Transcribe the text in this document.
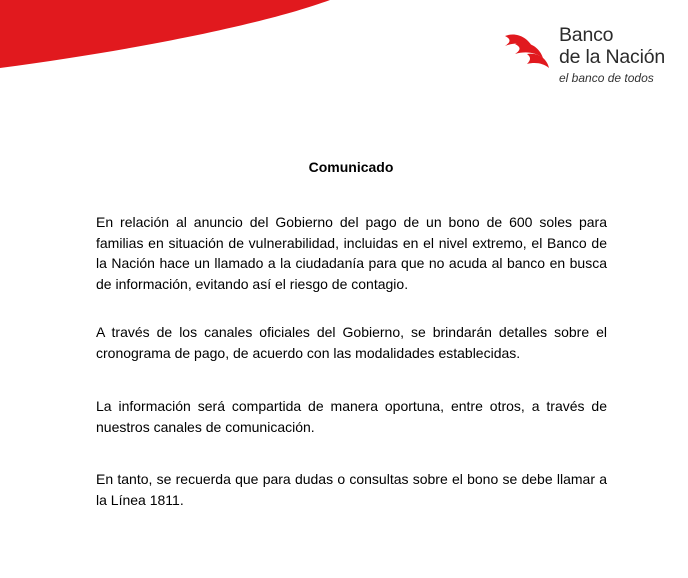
Banco
de la Nación
el banco de todos
Comunicado

En relación al anuncio del Gobierno del pago de un bono de 600 soles para familias en situación de vulnerabilidad, incluidas en el nivel extremo, el Banco de la Nación hace un llamado a la ciudadanía para que no acuda al banco en busca de información, evitando así el riesgo de contagio.

A través de los canales oficiales del Gobierno, se brindarán detalles sobre el cronograma de pago, de acuerdo con las modalidades establecidas.

La información será compartida de manera oportuna, entre otros, a través de nuestros canales de comunicación.

En tanto, se recuerda que para dudas o consultas sobre el bono se debe llamar a la Línea 1811.
